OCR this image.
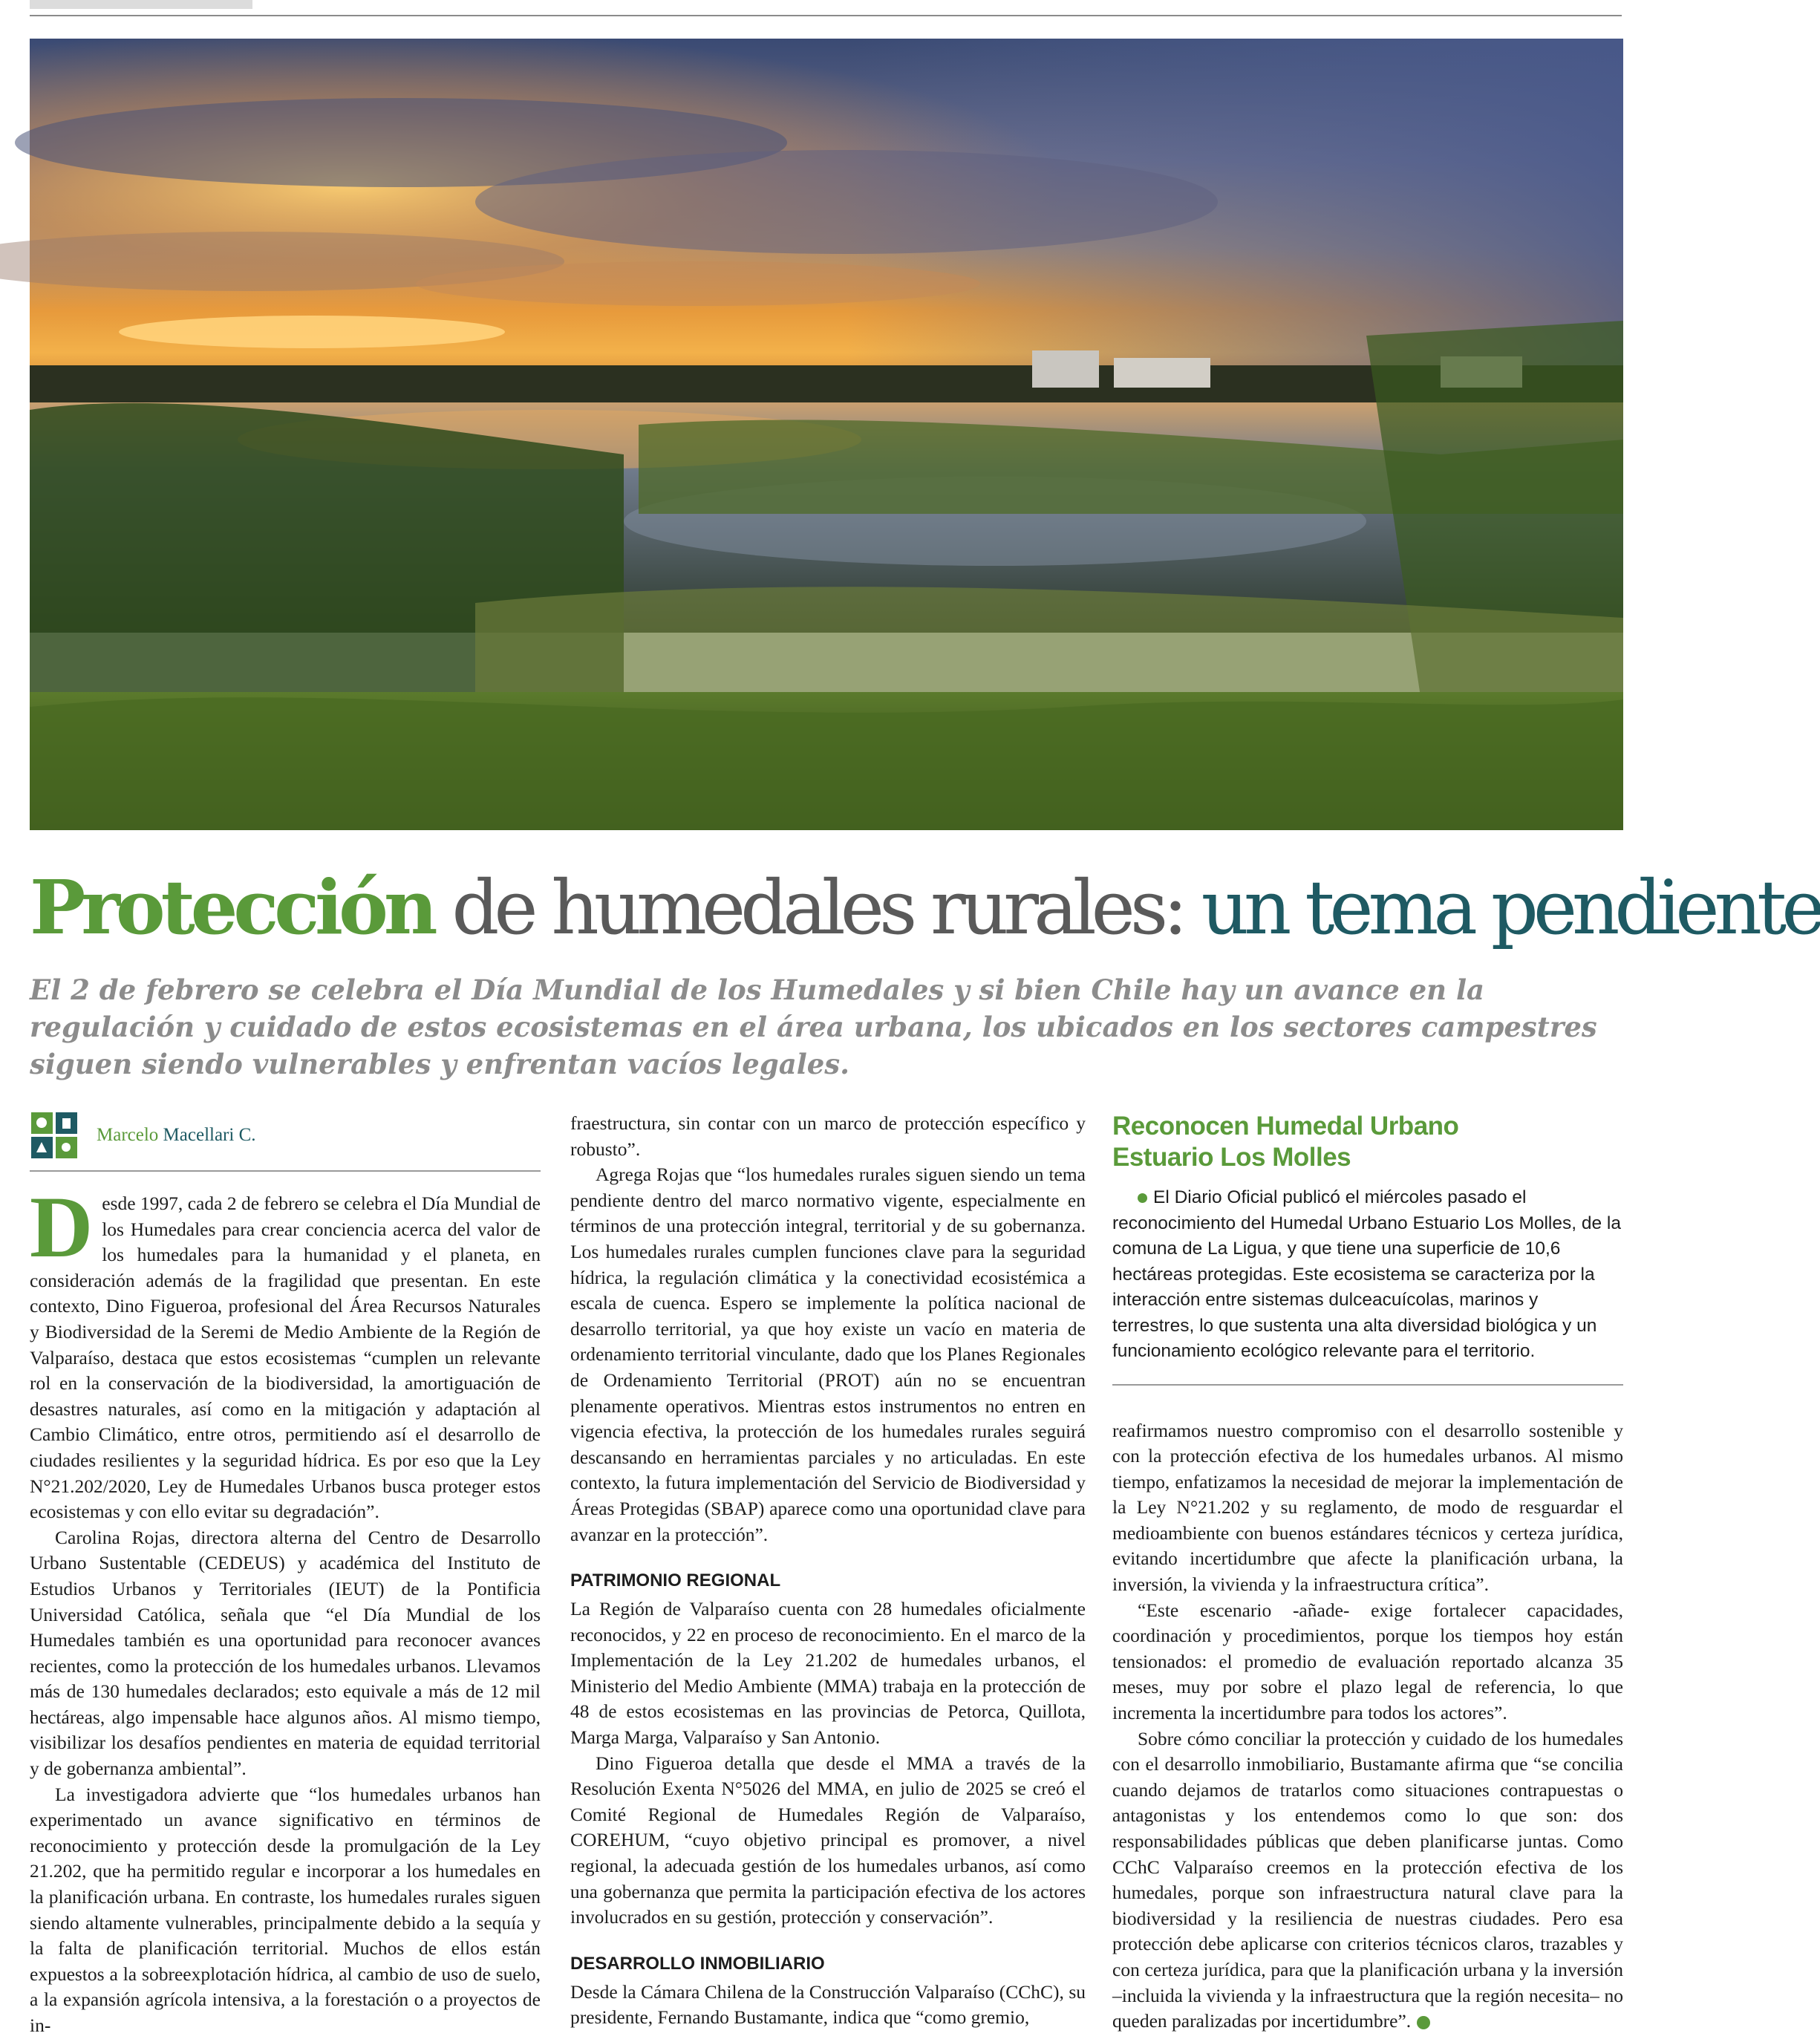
Protección de humedales rurales: un tema pendiente

El 2 de febrero se celebra el Día Mundial de los Humedales y si bien Chile hay un avance en la regulación y cuidado de estos ecosistemas en el área urbana, los ubicados en los sectores campestres siguen siendo vulnerables y enfrentan vacíos legales.

Marcelo Macellari C.

Desde 1997, cada 2 de febrero se celebra el Día Mundial de los Humedales para crear conciencia acerca del valor de los humedales para la humanidad y el planeta, en consideración además de la fragilidad que presentan. En este contexto, Dino Figueroa, profesional del Área Recursos Naturales y Biodiversidad de la Seremi de Medio Ambiente de la Región de Valparaíso, destaca que estos ecosistemas “cumplen un relevante rol en la conservación de la biodiversidad, la amortiguación de desastres naturales, así como en la mitigación y adaptación al Cambio Climático, entre otros, permitiendo así el desarrollo de ciudades resilientes y la seguridad hídrica. Es por eso que la Ley N°21.202/2020, Ley de Humedales Urbanos busca proteger estos ecosistemas y con ello evitar su degradación”.

Carolina Rojas, directora alterna del Centro de Desarrollo Urbano Sustentable (CEDEUS) y académica del Instituto de Estudios Urbanos y Territoriales (IEUT) de la Pontificia Universidad Católica, señala que “el Día Mundial de los Humedales también es una oportunidad para reconocer avances recientes, como la protección de los humedales urbanos. Llevamos más de 130 humedales declarados; esto equivale a más de 12 mil hectáreas, algo impensable hace algunos años. Al mismo tiempo, visibilizar los desafíos pendientes en materia de equidad territorial y de gobernanza ambiental”.

La investigadora advierte que “los humedales urbanos han experimentado un avance significativo en términos de reconocimiento y protección desde la promulgación de la Ley 21.202, que ha permitido regular e incorporar a los humedales en la planificación urbana. En contraste, los humedales rurales siguen siendo altamente vulnerables, principalmente debido a la sequía y la falta de planificación territorial. Muchos de ellos están expuestos a la sobreexplotación hídrica, al cambio de uso de suelo, a la expansión agrícola intensiva, a la forestación o a proyectos de in-

fraestructura, sin contar con un marco de protección específico y robusto”.

Agrega Rojas que “los humedales rurales siguen siendo un tema pendiente dentro del marco normativo vigente, especialmente en términos de una protección integral, territorial y de su gobernanza. Los humedales rurales cumplen funciones clave para la seguridad hídrica, la regulación climática y la conectividad ecosistémica a escala de cuenca. Espero se implemente la política nacional de desarrollo territorial, ya que hoy existe un vacío en materia de ordenamiento territorial vinculante, dado que los Planes Regionales de Ordenamiento Territorial (PROT) aún no se encuentran plenamente operativos. Mientras estos instrumentos no entren en vigencia efectiva, la protección de los humedales rurales seguirá descansando en herramientas parciales y no articuladas. En este contexto, la futura implementación del Servicio de Biodiversidad y Áreas Protegidas (SBAP) aparece como una oportunidad clave para avanzar en la protección”.

PATRIMONIO REGIONAL

La Región de Valparaíso cuenta con 28 humedales oficialmente reconocidos, y 22 en proceso de reconocimiento. En el marco de la Implementación de la Ley 21.202 de humedales urbanos, el Ministerio del Medio Ambiente (MMA) trabaja en la protección de 48 de estos ecosistemas en las provincias de Petorca, Quillota, Marga Marga, Valparaíso y San Antonio.

Dino Figueroa detalla que desde el MMA a través de la Resolución Exenta N°5026 del MMA, en julio de 2025 se creó el Comité Regional de Humedales Región de Valparaíso, COREHUM, “cuyo objetivo principal es promover, a nivel regional, la adecuada gestión de los humedales urbanos, así como una gobernanza que permita la participación efectiva de los actores involucrados en su gestión, protección y conservación”.

DESARROLLO INMOBILIARIO

Desde la Cámara Chilena de la Construcción Valparaíso (CChC), su presidente, Fernando Bustamante, indica que “como gremio,

Reconocen Humedal Urbano
Estuario Los Molles

El Diario Oficial publicó el miércoles pasado el reconocimiento del Humedal Urbano Estuario Los Molles, de la comuna de La Ligua, y que tiene una superficie de 10,6 hectáreas protegidas. Este ecosistema se caracteriza por la interacción entre sistemas dulceacuícolas, marinos y terrestres, lo que sustenta una alta diversidad biológica y un funcionamiento ecológico relevante para el territorio.

reafirmamos nuestro compromiso con el desarrollo sostenible y con la protección efectiva de los humedales urbanos. Al mismo tiempo, enfatizamos la necesidad de mejorar la implementación de la Ley N°21.202 y su reglamento, de modo de resguardar el medioambiente con buenos estándares técnicos y certeza jurídica, evitando incertidumbre que afecte la planificación urbana, la inversión, la vivienda y la infraestructura crítica”.

“Este escenario -añade- exige fortalecer capacidades, coordinación y procedimientos, porque los tiempos hoy están tensionados: el promedio de evaluación reportado alcanza 35 meses, muy por sobre el plazo legal de referencia, lo que incrementa la incertidumbre para todos los actores”.

Sobre cómo conciliar la protección y cuidado de los humedales con el desarrollo inmobiliario, Bustamante afirma que “se concilia cuando dejamos de tratarlos como situaciones contrapuestas o antagonistas y los entendemos como lo que son: dos responsabilidades públicas que deben planificarse juntas. Como CChC Valparaíso creemos en la protección efectiva de los humedales, porque son infraestructura natural clave para la biodiversidad y la resiliencia de nuestras ciudades. Pero esa protección debe aplicarse con criterios técnicos claros, trazables y con certeza jurídica, para que la planificación urbana y la inversión –incluida la vivienda y la infraestructura que la región necesita– no queden paralizadas por incertidumbre”.
